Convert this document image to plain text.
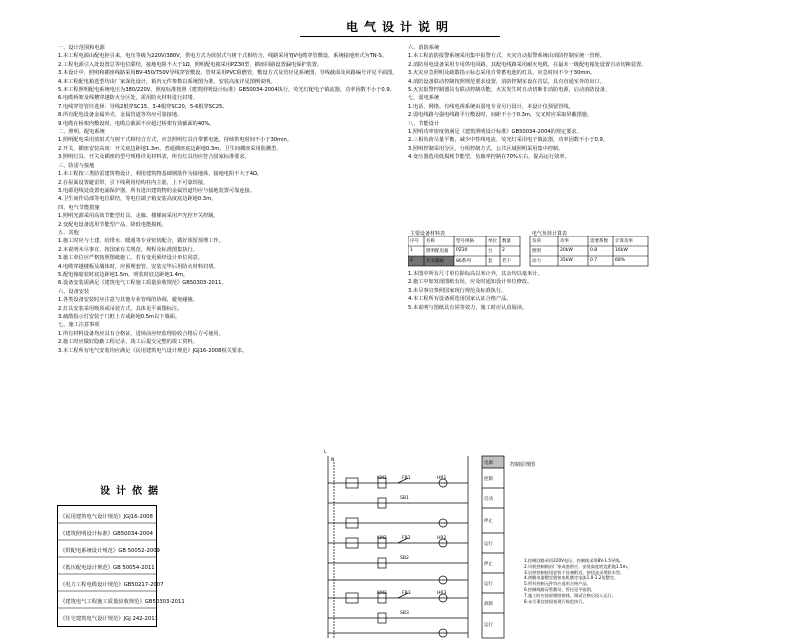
电气设计说明

一、设计范围和电源

1.本工程电源由配电柜引来，电压等级为220V/380V，供电方式为放射式与树干式相结合，线路采用YJV电缆穿管敷设，系统接地形式为TN-S。

2.工程电源引入处设置总等电位联结，接地电阻不大于1Ω，照明配电箱采用PZ30型，插座回路设置漏电保护装置。

3.本设计中，照明和插座线路采用BV-450/750V导线穿管敷设，管材采用PVC阻燃管，敷设方式及管径见系统图，导线截面及回路编号详见平面图。

4.本工程配电箱选型均由厂家深化设计，箱内元件参数以系统图为准，安装高度详见图例说明。

5.本工程照明配电系统电压为380/220V，照度标准按照《建筑照明设计标准》GB50034-2004执行，荧光灯配电子镇流器，功率因数不小于0.9。

6.电缆桥架及线槽穿越防火分区处，需用防火材料进行封堵。

7.电线穿管管径选择：导线2根穿SC15，3-4根穿SC20，5-6根穿SC25。

8.所有配电设备金属外壳、金属管道等均应可靠接地。

9.电缆在桥架内敷设时，电缆总截面不应超过桥架有效截面的40%。

二、照明、配电系统

1.照明配电采用放射式与树干式相结合方式，应急照明灯具自带蓄电池，持续供电时间不小于30min。

2.开关、插座安装高度：开关底边距地1.3m，普通插座底边距地0.3m，卫生间插座采用防溅型。

3.照明灯具、开关及插座的型号规格详见材料表，所有灯具均应符合国家标准要求。

三、防雷与接地

1.本工程按三类防雷建筑物设计，利用建筑物基础钢筋作为接地体，接地电阻不大于4Ω。

2.在屋面设置避雷带，引下线利用结构柱内主筋，上下可靠焊接。

3.电源进线处设置电涌保护器，所有进出建筑物的金属管道均应与接地装置可靠连接。

4.卫生间作局部等电位联结，等电位端子箱安装高度底边距地0.3m。

四、电气节能措施

1.照明光源采用高效节能型灯具，走廊、楼梯间采用声光控开关控制。

2.变配电设备选用节能型产品，降低电能损耗。

五、其他

1.施工时应与土建、给排水、暖通等专业密切配合，做好预留预埋工作。

2.本说明未尽事宜，按国家有关规范、规程及标准图集执行。

3.施工单位应严格按照图纸施工，若有变更须经设计单位同意。

4.电缆穿越楼板及墙体时，应预埋套管，安装完毕后用防火材料封堵。

5.配电箱暗装时底边距地1.5m，明装时底边距地1.4m。

6.设备安装需满足《建筑电气工程施工质量验收规范》GB50303-2011。

六、设备安装

1.各类设备安装时应注意与其他专业管线的协调，避免碰撞。

2.灯具安装采用吸顶或吊装方式，具体见平面图标注。

3.疏散指示灯安装于门框上方或距地0.5m以下墙面。

七、施工注意事项

1.所有材料设备均应具有合格证，进场前应经监理验收合格后方可使用。

2.施工时应做好隐蔽工程记录，竣工后提交完整的竣工资料。

3.本工程所有电气安装均应满足《民用建筑电气设计规范》JGJ16-2008相关要求。

六、消防系统

1.本工程消防报警系统采用集中报警方式，火灾自动报警系统由消防控制室统一管理。

2.消防用电设备采用专用供电回路，其配电线路采用耐火电缆，在最末一级配电箱处设置自动切换装置。

3.火灾应急照明及疏散指示标志采用自带蓄电池的灯具，应急时间不少于30min。

4.消防设备联动控制按照规范要求设置，消防控制室设在首层，具有直通室外的出口。

5.火灾报警控制器具有联动控制功能，火灾发生时自动切断非消防电源，启动消防设备。

七、弱电系统

1.电话、网络、有线电视系统由弱电专业另行设计，本设计仅预留管线。

2.弱电线路与强电线路平行敷设时，间距不小于0.3m，交叉时应采取屏蔽措施。

八、节能设计

1.照明功率密度值满足《建筑照明设计标准》GB50034-2004的规定要求。

2.三相负荷尽量平衡，减少中性线电流，荧光灯采用电子镇流器，功率因数不小于0.9。

3.照明控制采用分区、分组控制方式，公共区域照明采用集中控制。

4.变压器选用低损耗节能型，负载率控制在70%左右，提高运行效率。

主要设备材料表	电气负荷计算表
序号 名称	型号规格	单位 数量
1	照明配电箱 PZ30	台 2
2	开关插座	86系列	套 若干
负荷	功率	需要系数 计算功率
照明	20kW	0.8	16kW
动力	35kW	0.7	68%

1.本图中所有尺寸单位除标高以米计外，其余均以毫米计。

2.施工中如发现图纸有误，应及时通知设计单位修改。

3.未尽事宜参照国家现行规范及标准执行。

4.本工程所有设备须选用国家认证合格产品。

5.本说明与图纸具有同等效力，施工时应认真阅读。

设计依据
《民用建筑电气设计规范》JGJ16-2008
《建筑照明设计标准》GB50034-2004
《供配电系统设计规范》GB 50052-2009
《低压配电设计规范》GB 50054-2011
《电力工程电缆设计规范》GB50217-2007
《建筑电气工程施工质量验收规范》GB50303-2011
《住宅建筑电气设计规范》JGJ 242-2011
控制原理图
L
N
KM1
KM2
KM3
FR1
FR2
FR3
SB1
SB2
SB3
HR1
HR2
HR3
电源
控制
启动
停止
运行
停止
运行
故障
运行

1.控制回路采用220V电压，控制线采用BV-1.5导线。

2.风机控制箱由厂家成套供应，安装高度底边距地1.5m。

3.启停控制按钮安装于设备附近，按钮盒采用防水型。

4.热继电器整定值按电机额定电流1.0-1.2倍整定。

5.所有控制元件均应选用合格产品。

6.控制线路穿管敷设，管径见平面图。

7.施工时应按原理图接线，调试合格后投入运行。

8.未尽事宜按国家现行规范执行。
